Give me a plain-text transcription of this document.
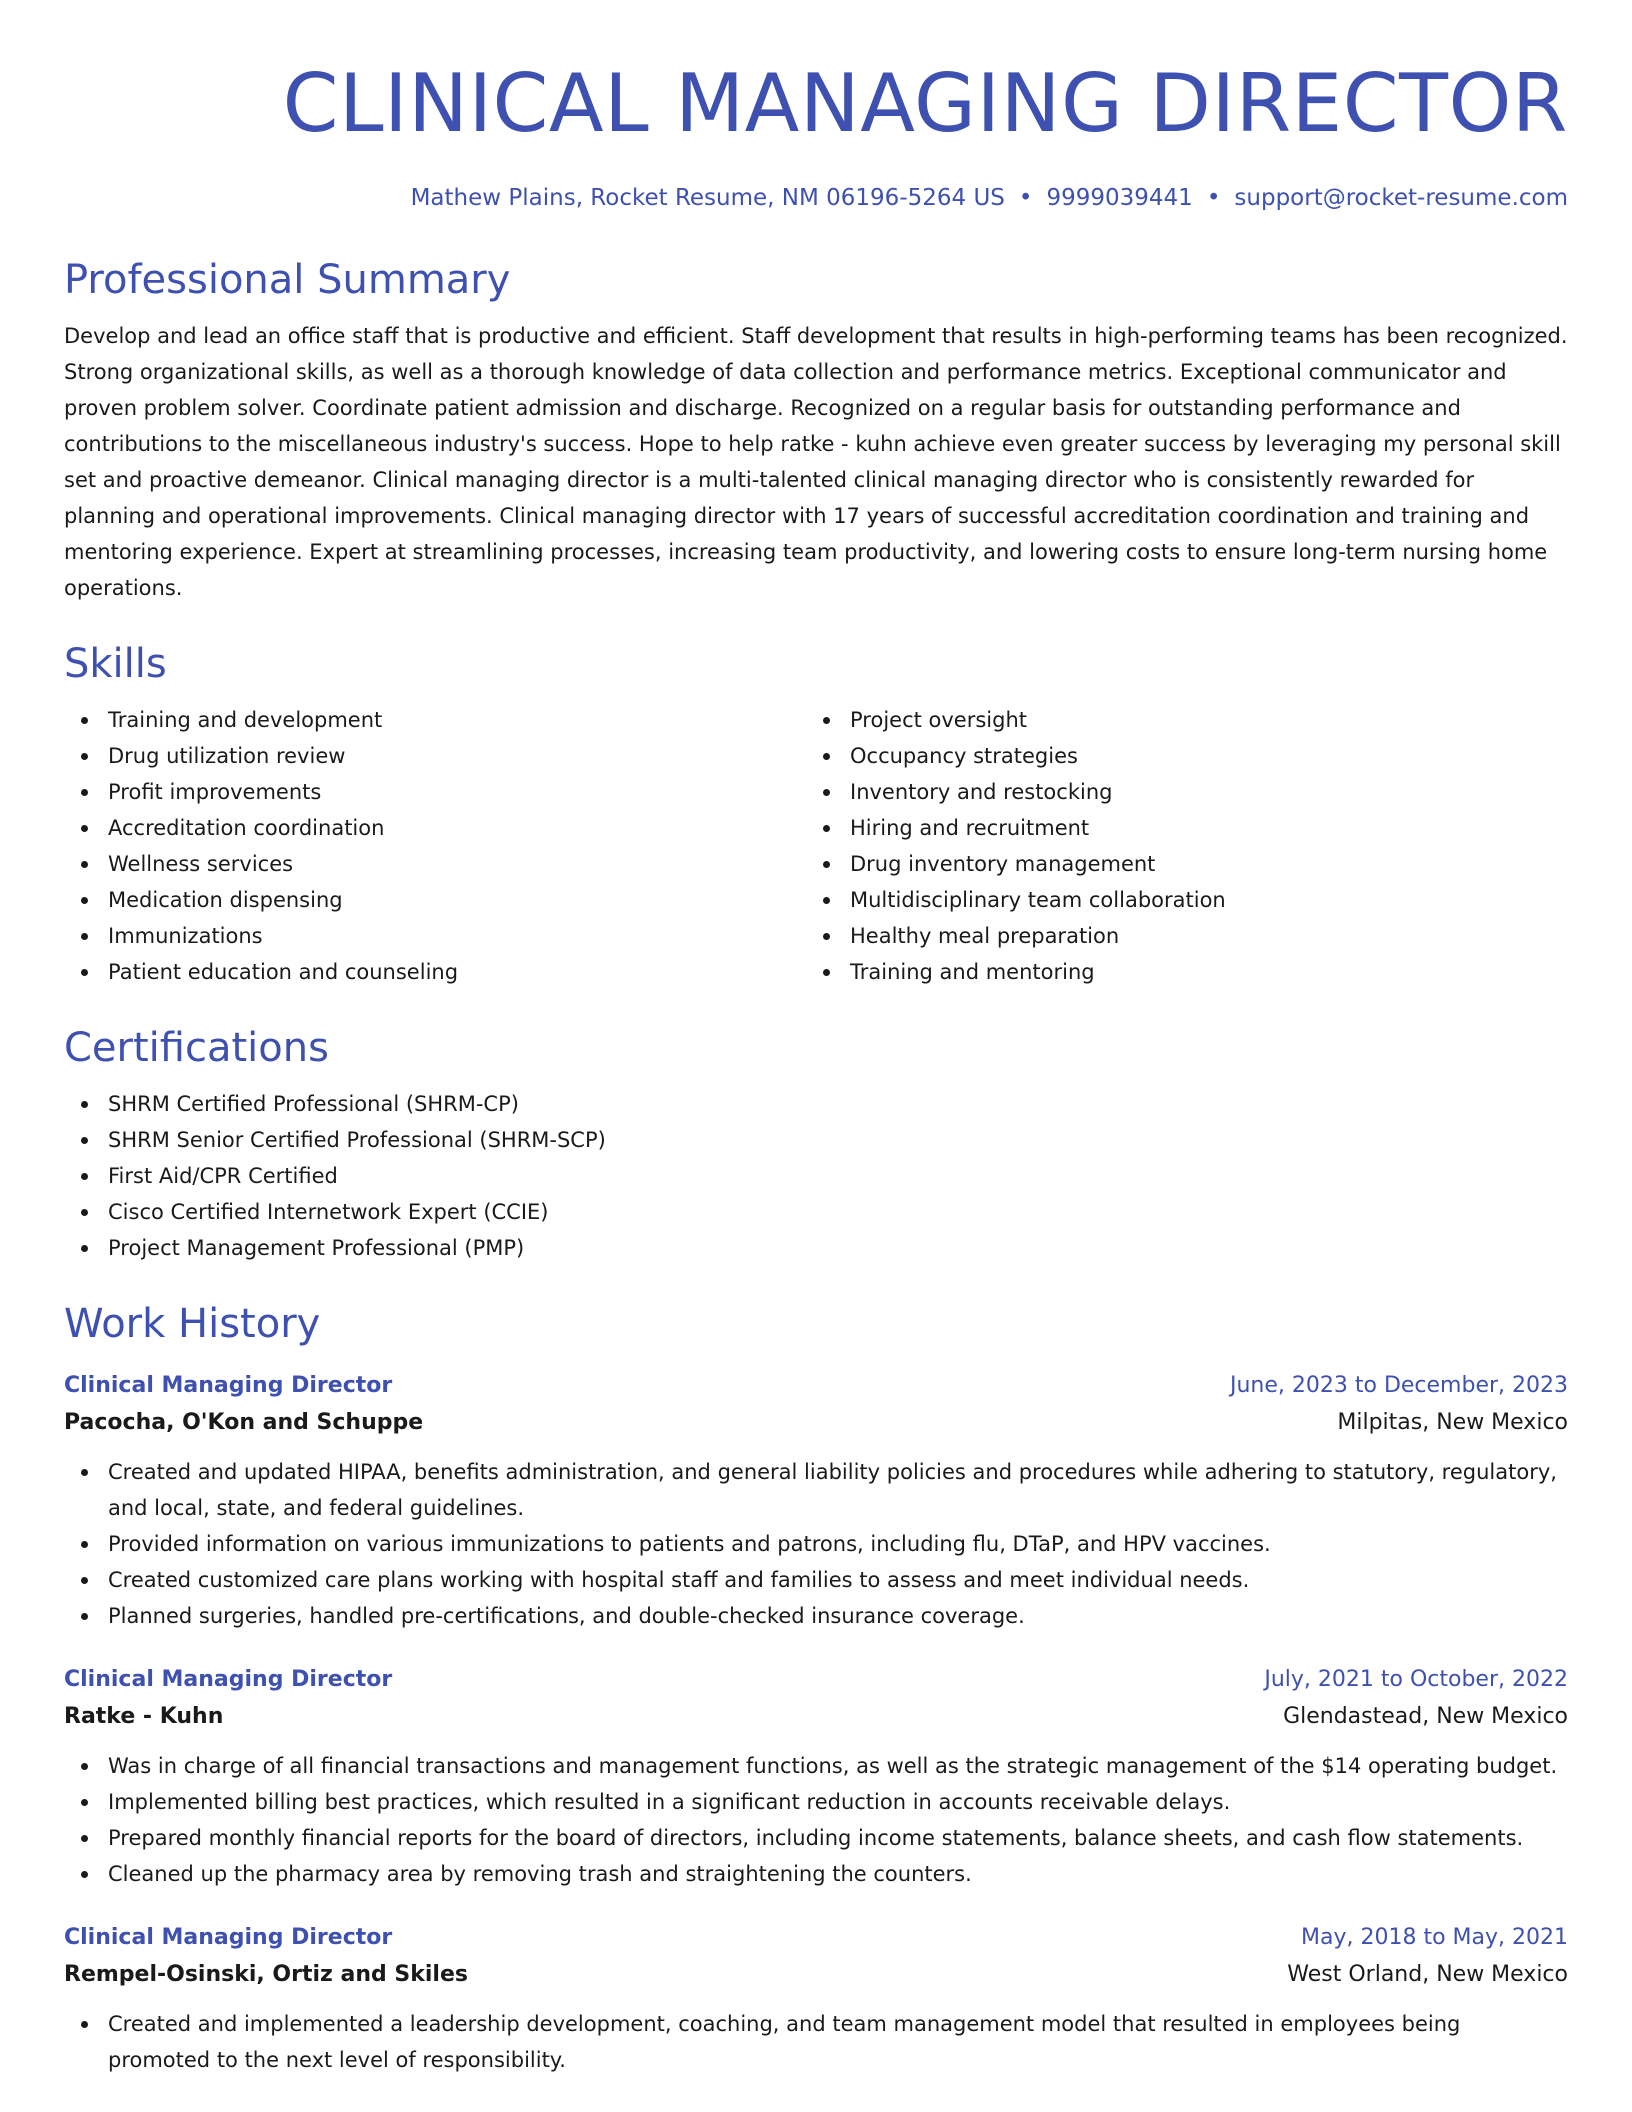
CLINICAL MANAGING DIRECTOR
Mathew Plains, Rocket Resume, NM 06196-5264 US • 9999039441 • support@rocket-resume.com
Professional Summary
Develop and lead an office staff that is productive and efficient. Staff development that results in high-performing teams has been recognized. Strong organizational skills, as well as a thorough knowledge of data collection and performance metrics. Exceptional communicator and proven problem solver. Coordinate patient admission and discharge. Recognized on a regular basis for outstanding performance and contributions to the miscellaneous industry's success. Hope to help ratke - kuhn achieve even greater success by leveraging my personal skill set and proactive demeanor. Clinical managing director is a multi-talented clinical managing director who is consistently rewarded for planning and operational improvements. Clinical managing director with 17 years of successful accreditation coordination and training and mentoring experience. Expert at streamlining processes, increasing team productivity, and lowering costs to ensure long-term nursing home operations.
Skills
Training and development
Drug utilization review
Profit improvements
Accreditation coordination
Wellness services
Medication dispensing
Immunizations
Patient education and counseling
Project oversight
Occupancy strategies
Inventory and restocking
Hiring and recruitment
Drug inventory management
Multidisciplinary team collaboration
Healthy meal preparation
Training and mentoring
Certifications
SHRM Certified Professional (SHRM-CP)
SHRM Senior Certified Professional (SHRM-SCP)
First Aid/CPR Certified
Cisco Certified Internetwork Expert (CCIE)
Project Management Professional (PMP)
Work History
Clinical Managing Director	June, 2023 to December, 2023
Pacocha, O'Kon and Schuppe	Milpitas, New Mexico
Created and updated HIPAA, benefits administration, and general liability policies and procedures while adhering to statutory, regulatory, and local, state, and federal guidelines.
Provided information on various immunizations to patients and patrons, including flu, DTaP, and HPV vaccines.
Created customized care plans working with hospital staff and families to assess and meet individual needs.
Planned surgeries, handled pre-certifications, and double-checked insurance coverage.
Clinical Managing Director	July, 2021 to October, 2022
Ratke - Kuhn	Glendastead, New Mexico
Was in charge of all financial transactions and management functions, as well as the strategic management of the $14 operating budget.
Implemented billing best practices, which resulted in a significant reduction in accounts receivable delays.
Prepared monthly financial reports for the board of directors, including income statements, balance sheets, and cash flow statements.
Cleaned up the pharmacy area by removing trash and straightening the counters.
Clinical Managing Director	May, 2018 to May, 2021
Rempel-Osinski, Ortiz and Skiles	West Orland, New Mexico
Created and implemented a leadership development, coaching, and team management model that resulted in employees being promoted to the next level of responsibility.
